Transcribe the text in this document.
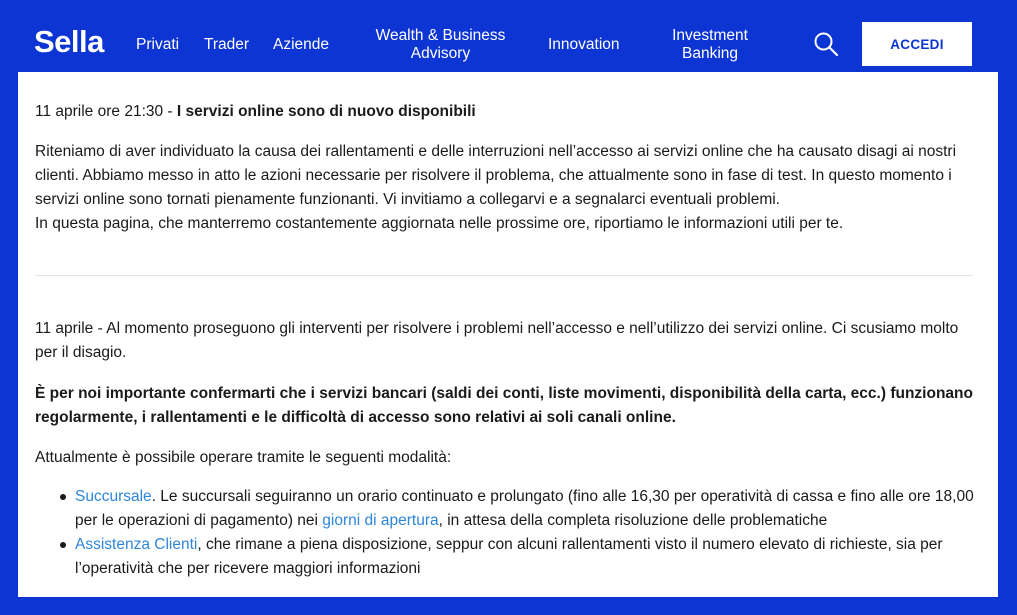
Sella Privati Trader Aziende
Wealth & Business Advisory
Innovation
Investment Banking
ACCEDI

11 aprile ore 21:30 - I servizi online sono di nuovo disponibili

Riteniamo di aver individuato la causa dei rallentamenti e delle interruzioni nell’accesso ai servizi online che ha causato disagi ai nostri clienti. Abbiamo messo in atto le azioni necessarie per risolvere il problema, che attualmente sono in fase di test. In questo momento i servizi online sono tornati pienamente funzionanti. Vi invitiamo a collegarvi e a segnalarci eventuali problemi.
In questa pagina, che manterremo costantemente aggiornata nelle prossime ore, riportiamo le informazioni utili per te.

11 aprile - Al momento proseguono gli interventi per risolvere i problemi nell’accesso e nell’utilizzo dei servizi online. Ci scusiamo molto per il disagio.

È per noi importante confermarti che i servizi bancari (saldi dei conti, liste movimenti, disponibilità della carta, ecc.) funzionano regolarmente, i rallentamenti e le difficoltà di accesso sono relativi ai soli canali online.

Attualmente è possibile operare tramite le seguenti modalità:

Succursale. Le succursali seguiranno un orario continuato e prolungato (fino alle 16,30 per operatività di cassa e fino alle ore 18,00 per le operazioni di pagamento) nei giorni di apertura, in attesa della completa risoluzione delle problematiche
Assistenza Clienti, che rimane a piena disposizione, seppur con alcuni rallentamenti visto il numero elevato di richieste, sia per l’operatività che per ricevere maggiori informazioni
